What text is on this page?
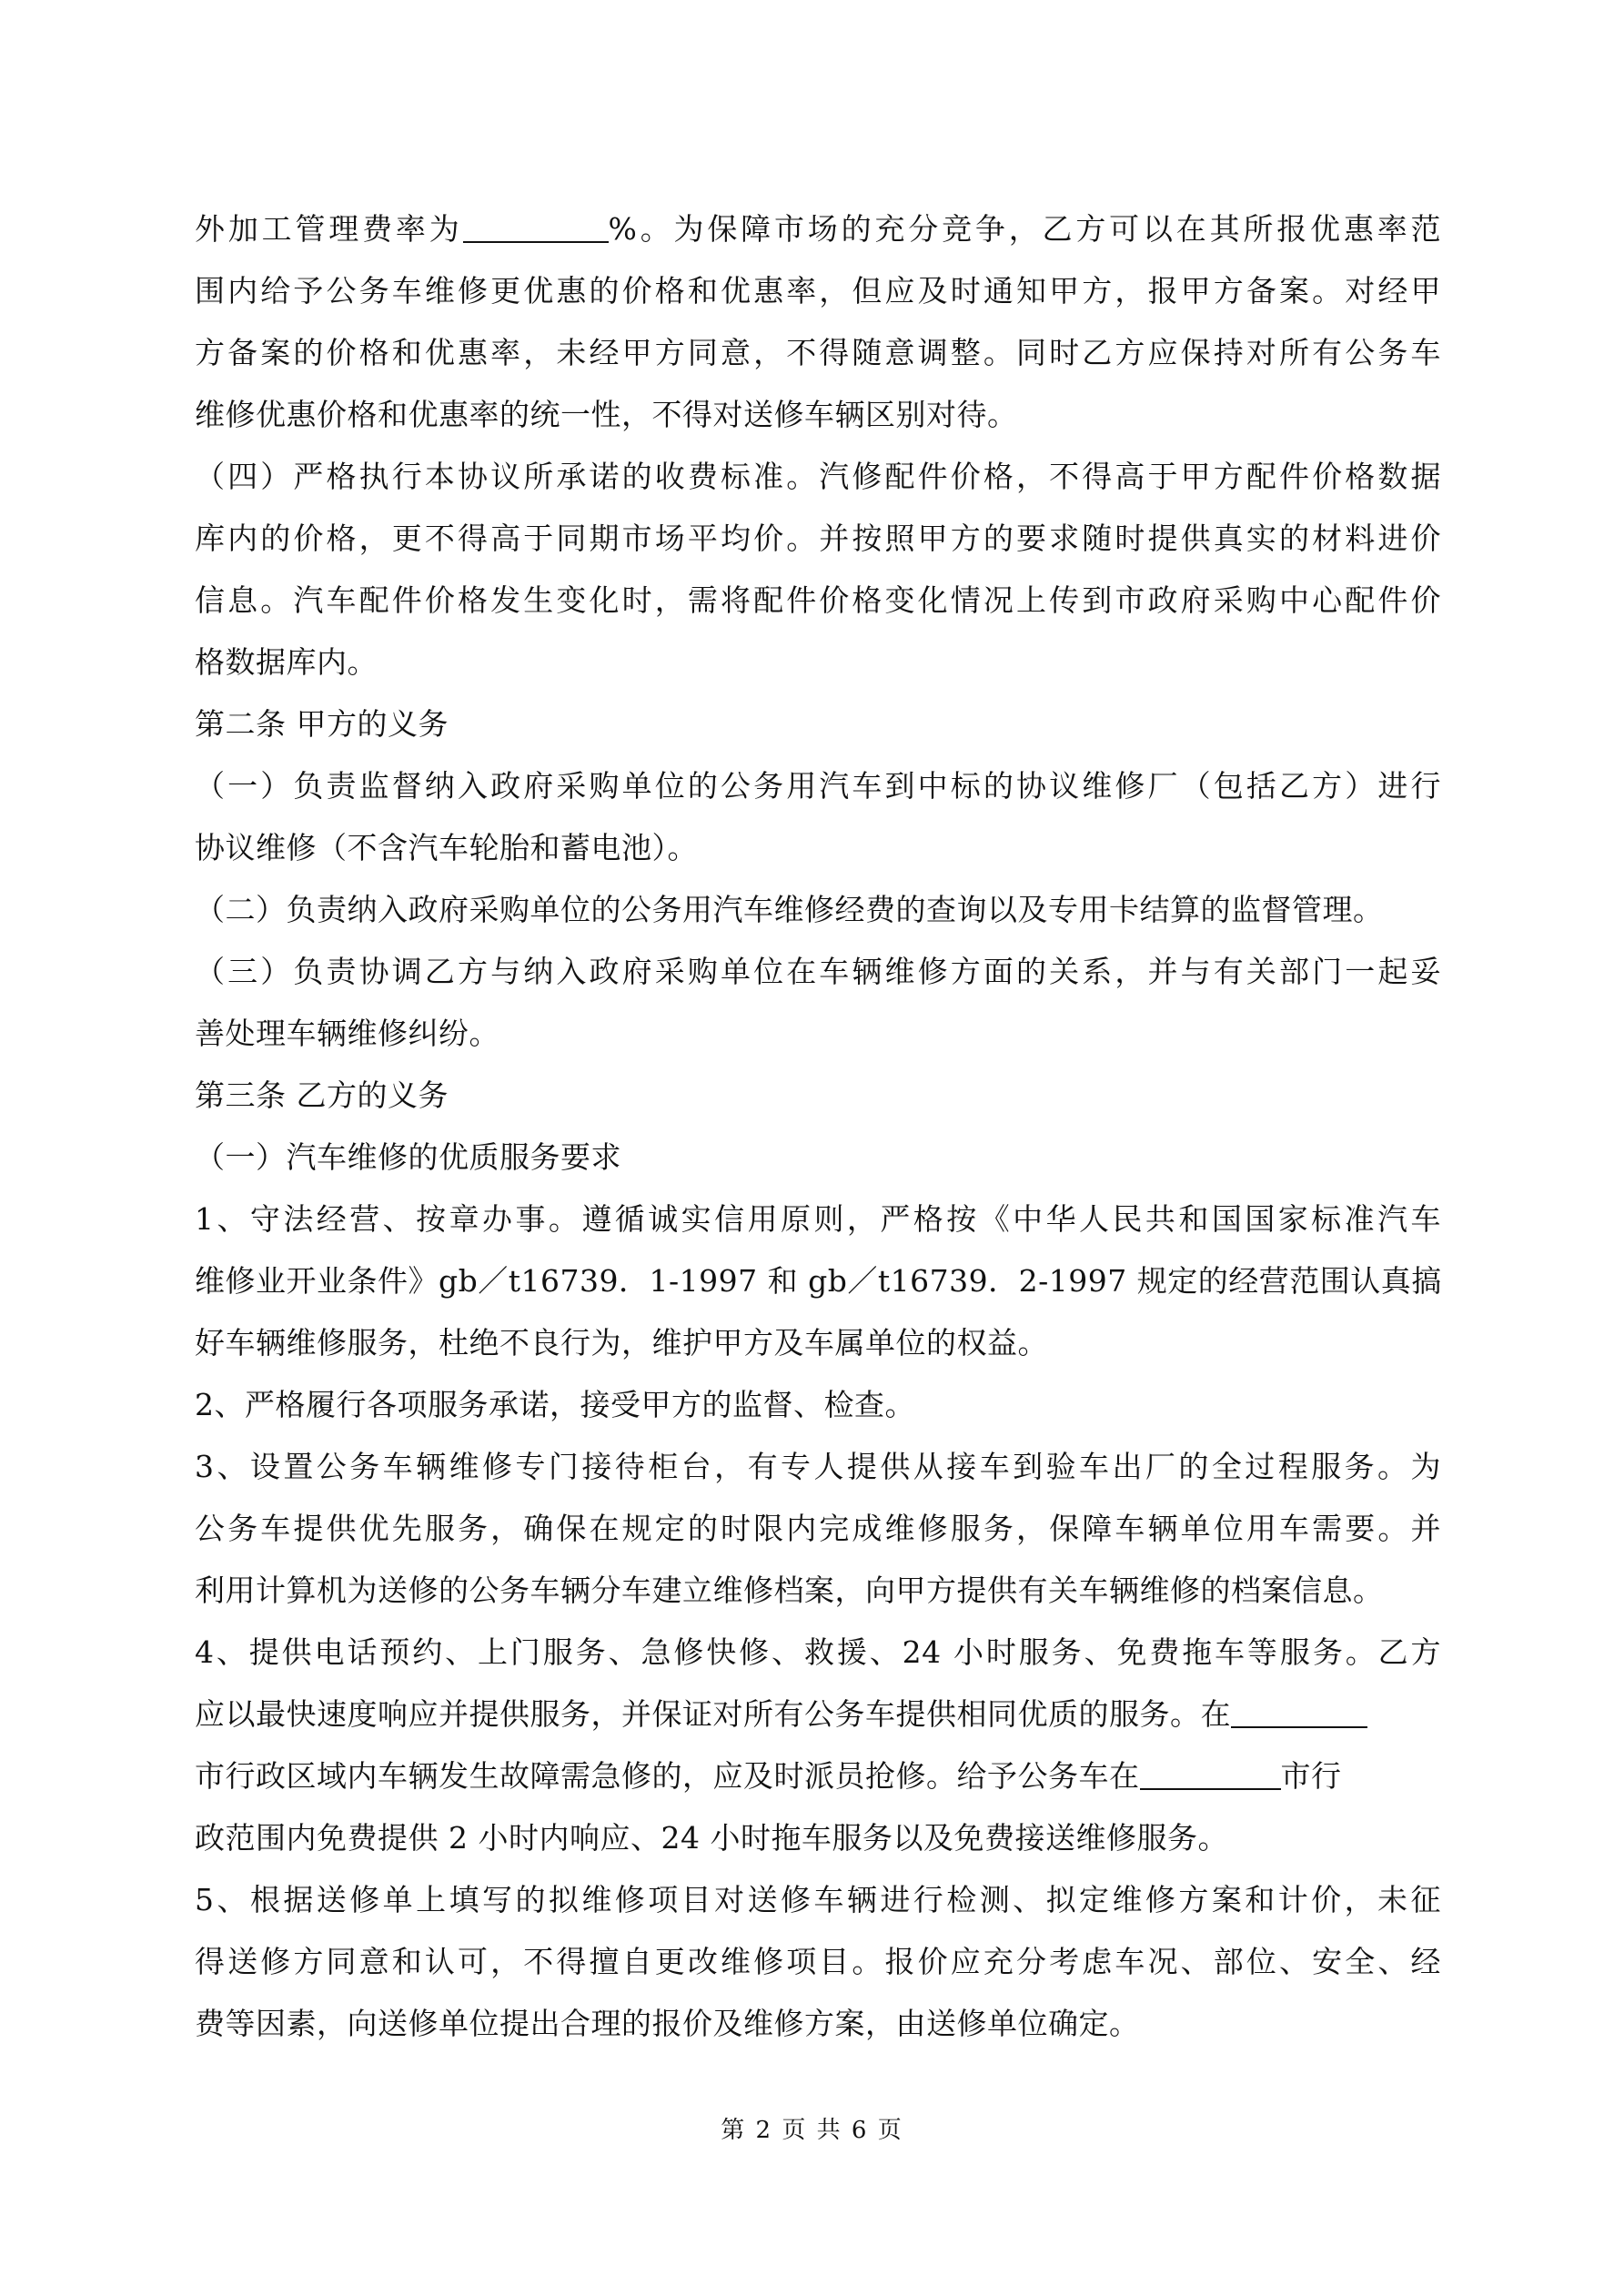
外加工管理费率为	%。为保障市场的充分竞争，乙方可以在其所报优惠率范
围内给予公务车维修更优惠的价格和优惠率，但应及时通知甲方，报甲方备案。对经甲
方备案的价格和优惠率，未经甲方同意，不得随意调整。同时乙方应保持对所有公务车
维修优惠价格和优惠率的统一性，不得对送修车辆区别对待。
（四）严格执行本协议所承诺的收费标准。汽修配件价格，不得高于甲方配件价格数据
库内的价格，更不得高于同期市场平均价。并按照甲方的要求随时提供真实的材料进价
信息。汽车配件价格发生变化时，需将配件价格变化情况上传到市政府采购中心配件价
格数据库内。
第二条 甲方的义务
（一）负责监督纳入政府采购单位的公务用汽车到中标的协议维修厂（包括乙方）进行
协议维修（不含汽车轮胎和蓄电池）。
（二）负责纳入政府采购单位的公务用汽车维修经费的查询以及专用卡结算的监督管理。
（三）负责协调乙方与纳入政府采购单位在车辆维修方面的关系，并与有关部门一起妥
善处理车辆维修纠纷。
第三条 乙方的义务
（一）汽车维修的优质服务要求
1、守法经营、按章办事。遵循诚实信用原则，严格按《中华人民共和国国家标准汽车
维修业开业条件》gb／t16739．1-1997 和 gb／t16739．2-1997 规定的经营范围认真搞
好车辆维修服务，杜绝不良行为，维护甲方及车属单位的权益。
2、严格履行各项服务承诺，接受甲方的监督、检查。
3、设置公务车辆维修专门接待柜台，有专人提供从接车到验车出厂的全过程服务。为
公务车提供优先服务，确保在规定的时限内完成维修服务，保障车辆单位用车需要。并
利用计算机为送修的公务车辆分车建立维修档案，向甲方提供有关车辆维修的档案信息。
4、提供电话预约、上门服务、急修快修、救援、24 小时服务、免费拖车等服务。乙方
应以最快速度响应并提供服务，并保证对所有公务车提供相同优质的服务。在
市行政区域内车辆发生故障需急修的，应及时派员抢修。给予公务车在	市行
政范围内免费提供 2 小时内响应、24 小时拖车服务以及免费接送维修服务。
5、根据送修单上填写的拟维修项目对送修车辆进行检测、拟定维修方案和计价，未征
得送修方同意和认可，不得擅自更改维修项目。报价应充分考虑车况、部位、安全、经
费等因素，向送修单位提出合理的报价及维修方案，由送修单位确定。
第 2 页 共 6 页
